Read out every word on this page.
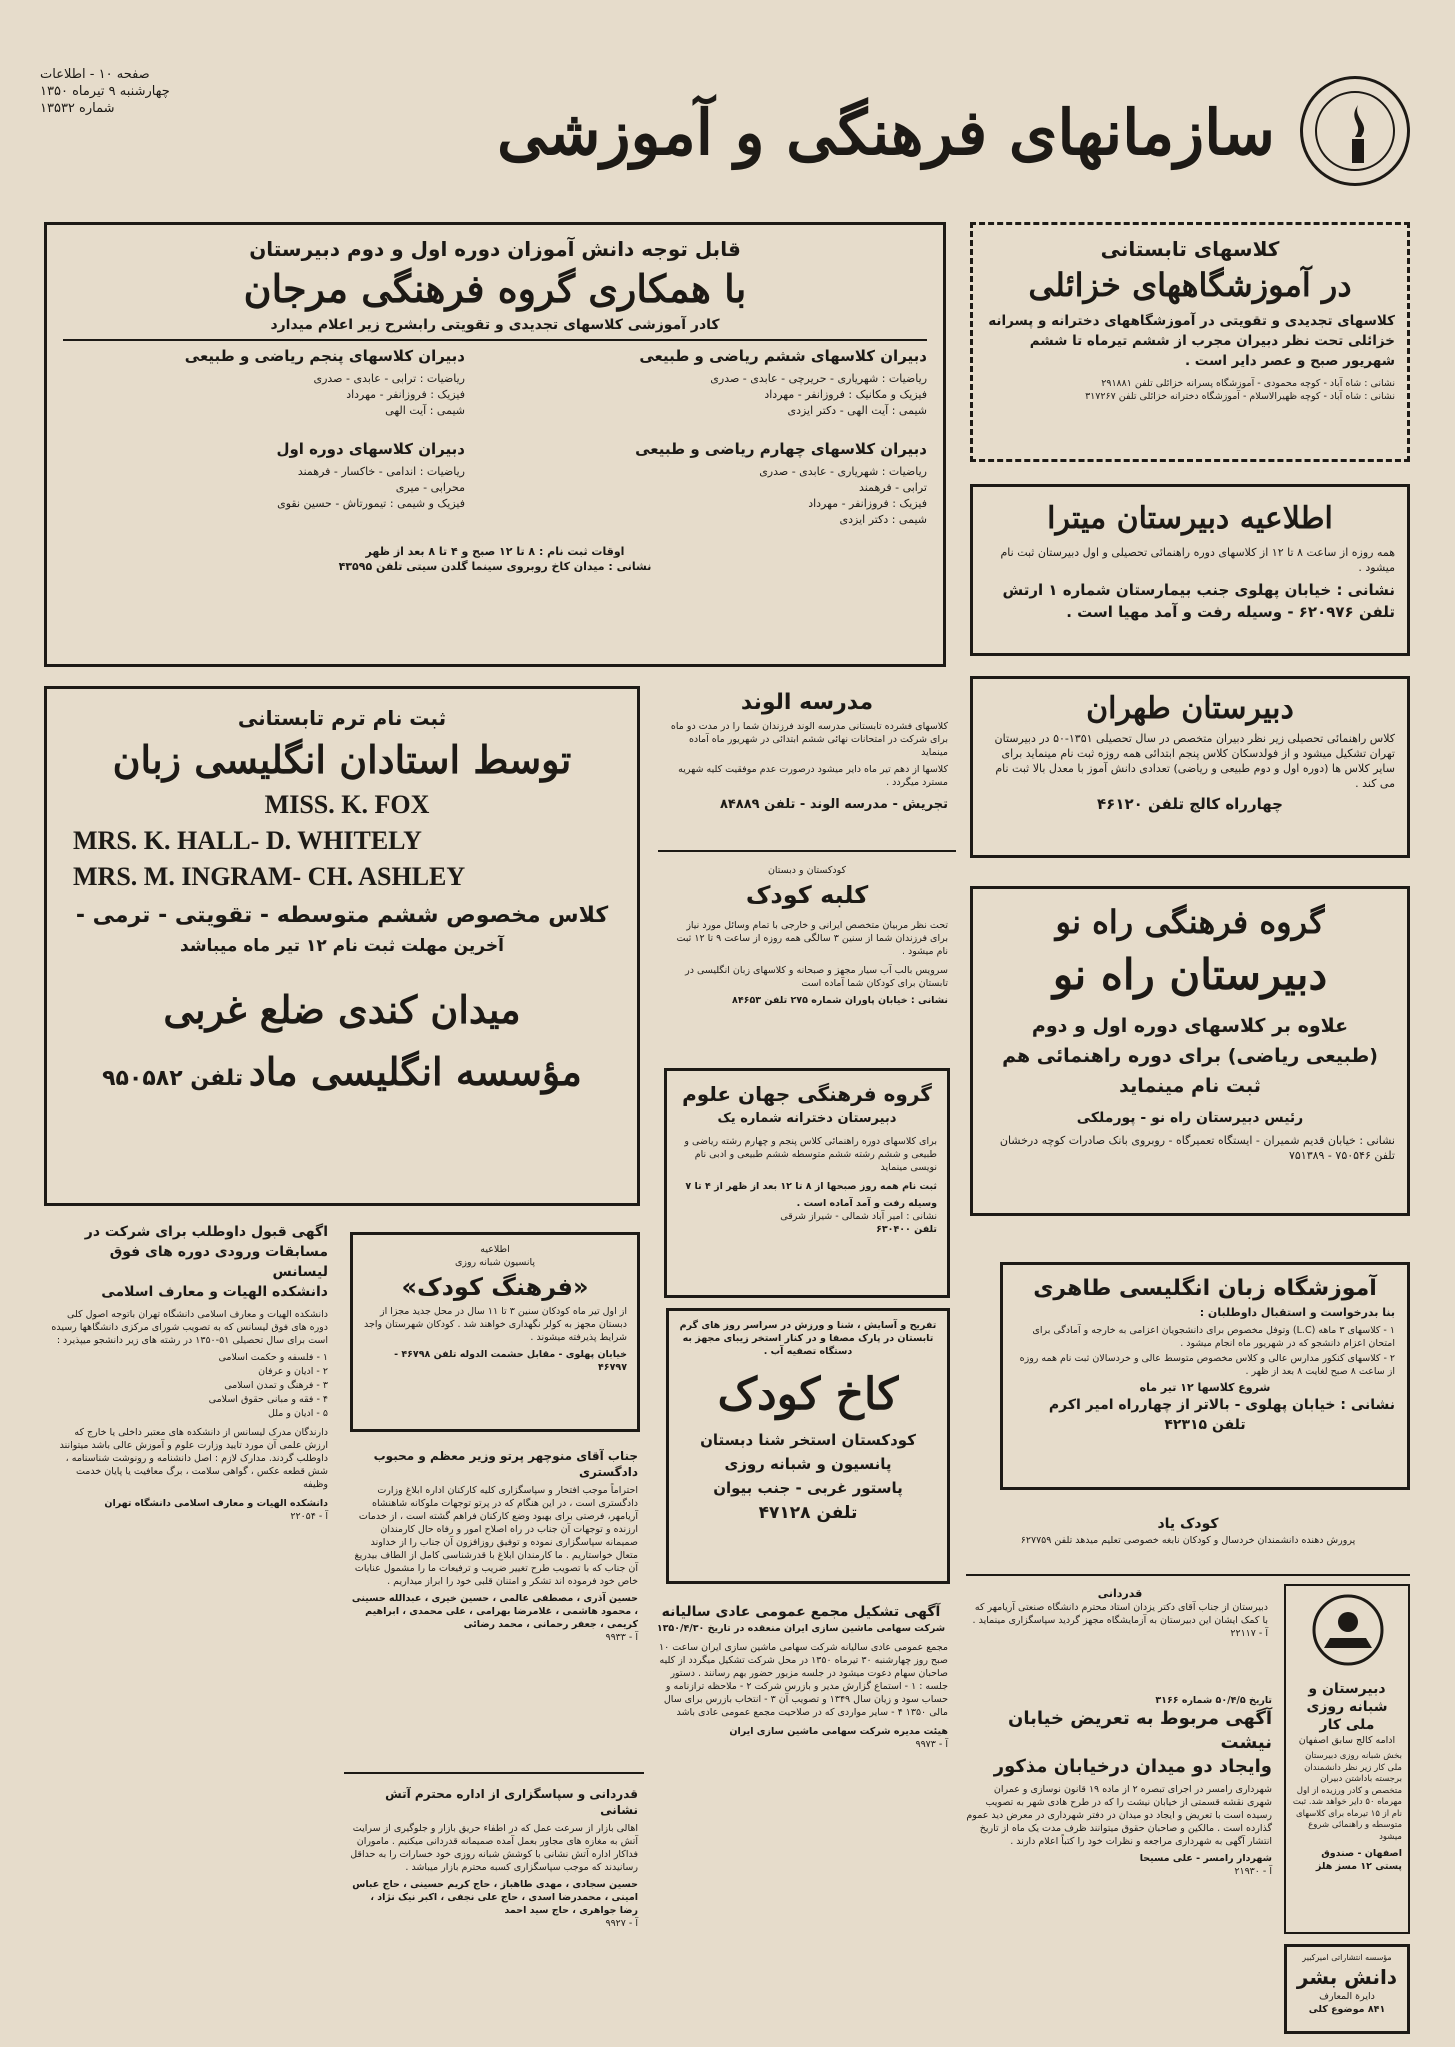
سازمانهای فرهنگی و آموزشی
صفحه ۱۰ - اطلاعات
چهارشنبه ۹ تیرماه ۱۳۵۰
شماره ۱۳۵۳۲
قابل توجه دانش آموزان دوره اول و دوم دبیرستان
با همکاری گروه فرهنگی مرجان
کادر آموزشی کلاسهای تجدیدی و تقویتی رابشرح زیر اعلام میدارد
دبیران کلاسهای ششم ریاضی و طبیعی
ریاضیات : شهریاری - حریرچی - عابدی - صدری
فیزیک و مکانیک : فروزانفر - مهرداد
شیمی : آیت الهی - دکتر ایزدی
دبیران کلاسهای چهارم ریاضی و طبیعی
ریاضیات : شهریاری - عابدی - صدری
ترابی - فرهمند
فیزیک : فروزانفر - مهرداد
شیمی : دکتر ایزدی
دبیران کلاسهای پنجم ریاضی و طبیعی
ریاضیات : ترابی - عابدی - صدری
فیزیک : فروزانفر - مهرداد
شیمی : آیت الهی
دبیران کلاسهای دوره اول
ریاضیات : اندامی - خاکسار - فرهمند
محرابی - میری
فیزیک و شیمی : تیمورتاش - حسین نقوی
اوقات ثبت نام : ۸ تا ۱۲ صبح و ۴ تا ۸ بعد از ظهر
نشانی : میدان کاخ روبروی سینما گلدن سیتی تلفن ۴۳۵۹۵
کلاسهای تابستانی
در آموزشگاههای خزائلی
کلاسهای تجدیدی و تقویتی در آموزشگاههای دخترانه و پسرانه خزائلی تحت نظر دبیران مجرب از ششم تیرماه تا ششم شهریور صبح و عصر دایر است .
نشانی : شاه آباد - کوچه محمودی - آموزشگاه پسرانه خزائلی تلفن ۲۹۱۸۸۱
نشانی : شاه آباد - کوچه ظهیرالاسلام - آموزشگاه دخترانه خزائلی تلفن ۳۱۷۲۶۷
اطلاعیه دبیرستان میترا
همه روزه از ساعت ۸ تا ۱۲ از کلاسهای دوره راهنمائی تحصیلی و اول دبیرستان ثبت نام میشود .
نشانی : خیابان پهلوی جنب بیمارستان شماره ۱ ارتش
تلفن ۶۲۰۹۷۶ - وسیله رفت و آمد مهیا است .
ثبت نام ترم تابستانی
توسط استادان انگلیسی زبان
MISS. K. FOX
MRS. K. HALL- D. WHITELY
MRS. M. INGRAM- CH. ASHLEY
کلاس مخصوص ششم متوسطه - تقویتی - ترمی -
آخرین مهلت ثبت نام ۱۲ تیر ماه میباشد
میدان کندی ضلع غربی
مؤسسه انگلیسی ماد تلفن ۹۵۰۵۸۲
مدرسه الوند
کلاسهای فشرده تابستانی مدرسه الوند فرزندان شما را در مدت دو ماه برای شرکت در امتحانات نهائی ششم ابتدائی در شهریور ماه آماده مینماید
کلاسها از دهم تیر ماه دایر میشود درصورت عدم موفقیت کلیه شهریه مسترد میگردد .
تجریش - مدرسه الوند - تلفن ۸۴۸۸۹
کودکستان و دبستان
کلبه کودک
تحت نظر مربیان متخصص ایرانی و خارجی با تمام وسائل مورد نیاز برای فرزندان شما از سنین ۳ سالگی همه روزه از ساعت ۹ تا ۱۲ ثبت نام میشود .
سرویس بالب آب سیار مجهز و صبحانه و کلاسهای زبان انگلیسی در تابستان برای کودکان شما آماده است
نشانی : خیابان پاوران شماره ۲۷۵ تلفن ۸۴۶۵۳
گروه فرهنگی جهان علوم
دبیرستان دخترانه شماره یک
برای کلاسهای دوره راهنمائی کلاس پنجم و چهارم رشته ریاضی و طبیعی و ششم رشته ششم متوسطه ششم طبیعی و ادبی نام نویسی مینماید
ثبت نام همه روز صبحها از ۸ تا ۱۲ بعد از ظهر از ۴ تا ۷
وسیله رفت و آمد آماده است .
نشانی : امیر آباد شمالی - شیراز شرقی
تلفن ۶۳۰۴۰۰
دبیرستان طهران
کلاس راهنمائی تحصیلی زیر نظر دبیران متخصص در سال تحصیلی ۱۳۵۱-۵۰ در دبیرستان تهران تشکیل میشود و از فولدسکان کلاس پنجم ابتدائی همه روزه ثبت نام مینماید برای سایر کلاس ها (دوره اول و دوم طبیعی و ریاضی) تعدادی دانش آموز با معدل بالا ثبت نام می کند .
چهارراه کالج تلفن ۴۶۱۲۰
گروه فرهنگی راه نو
دبیرستان راه نو
علاوه بر کلاسهای دوره اول و دوم
(طبیعی ریاضی) برای دوره راهنمائی هم
ثبت نام مینماید
رئیس دبیرستان راه نو - پورملکی
نشانی : خیابان قدیم شمیران - ایستگاه تعمیرگاه - روبروی بانک صادرات کوچه درخشان تلفن ۷۵۰۵۴۶ - ۷۵۱۳۸۹
آموزشگاه زبان انگلیسی طاهری
بنا بدرخواست و استقبال داوطلبان :
۱ - کلاسهای ۳ ماهه (L.C) وتوفل مخصوص برای دانشجویان اعزامی به خارجه و آمادگی برای امتحان اعزام دانشجو که در شهریور ماه انجام میشود .
۲ - کلاسهای کنکور مدارس عالی و کلاس مخصوص متوسط عالی و خردسالان ثبت نام همه روزه از ساعت ۸ صبح لغایت ۸ بعد از ظهر .
شروع کلاسها ۱۲ تیر ماه
نشانی : خیابان پهلوی - بالاتر از چهارراه امیر اکرم
تلفن ۴۲۳۱۵
کودک یاد
پرورش دهنده دانشمندان خردسال و کودکان نابغه خصوصی تعلیم میدهد تلفن ۶۲۷۷۵۹
دبیرستان و
شبانه روزی ملی کار
ادامه کالج سابق اصفهان
بخش شبانه روزی دبیرستان ملی کار زیر نظر دانشمندان برجسته باداشتن دبیران متخصص و کادر ورزیده از اول مهرماه ۵۰ دایر خواهد شد. ثبت نام از ۱۵ تیرماه برای کلاسهای متوسطه و راهنمائی شروع میشود
اصفهان - صندوق پستی ۱۲ مسز هلز
قدردانی
دبیرستان از جناب آقای دکتر یزدان استاد محترم دانشگاه صنعتی آریامهر که با کمک ایشان این دبیرستان به آزمایشگاه مجهز گردید سپاسگزاری مینماید .
آ - ۲۲۱۱۷
تاریخ ۵۰/۴/۵ شماره ۳۱۶۶
آگهی مربوط به تعریض خیابان نیشت
وایجاد دو میدان درخیابان مذکور
شهرداری رامسر در اجرای تبصره ۲ از ماده ۱۹ قانون نوسازی و عمران شهری نقشه قسمتی از خیابان نیشت را که در طرح هادی شهر به تصویب رسیده است با تعریض و ایجاد دو میدان در دفتر شهرداری در معرض دید عموم گذارده است . مالکین و صاحبان حقوق میتوانند ظرف مدت یک ماه از تاریخ انتشار آگهی به شهرداری مراجعه و نظرات خود را کتباً اعلام دارند .
شهردار رامسر - علی مسیحا
آ - ۲۱۹۳۰
مؤسسه انتشاراتی امیرکبیر
دانش بشر
دایرة المعارف
۸۴۱ موضوع کلی
تفریح و آسایش ، شنا و ورزش در سراسر روز های گرم تابستان در پارک مصفا و در کنار استخر زیبای مجهز به دستگاه تصفیه آب .
کاخ کودک
کودکستان استخر شنا دبستان
پانسیون و شبانه روزی
پاستور غربی - جنب بیوان
تلفن ۴۷۱۲۸
آگهی تشکیل مجمع عمومی عادی سالیانه
شرکت سهامی ماشین سازی ایران منعقده در تاریخ ۱۳۵۰/۴/۳۰
مجمع عمومی عادی سالیانه شرکت سهامی ماشین سازی ایران ساعت ۱۰ صبح روز چهارشنبه ۳۰ تیرماه ۱۳۵۰ در محل شرکت تشکیل میگردد از کلیه صاحبان سهام دعوت میشود در جلسه مزبور حضور بهم رسانند . دستور جلسه : ۱ - استماع گزارش مدیر و بازرس شرکت ۲ - ملاحظه ترازنامه و حساب سود و زیان سال ۱۳۴۹ و تصویب آن ۳ - انتخاب بازرس برای سال مالی ۱۳۵۰ ۴ - سایر مواردی که در صلاحیت مجمع عمومی عادی باشد
هیئت مدیره شرکت سهامی ماشین سازی ایران
آ - ۹۹۷۳
اطلاعیه
پانسیون شبانه روزی
«فرهنگ کودک»
از اول تیر ماه کودکان سنین ۳ تا ۱۱ سال در محل جدید مجزا از دبستان مجهز به کولر نگهداری خواهند شد . کودکان شهرستان واجد شرایط پذیرفته میشوند .
خیابان پهلوی - مقابل حشمت الدوله تلفن ۴۶۷۹۸ - ۴۶۷۹۷
جناب آقای منوچهر پرتو وزیر معظم و محبوب دادگستری
احتراماً موجب افتخار و سپاسگزاری کلیه کارکنان اداره ابلاغ وزارت دادگستری است ، در این هنگام که در پرتو توجهات ملوکانه شاهنشاه آریامهر، فرصتی برای بهبود وضع کارکنان فراهم گشته است ، از خدمات ارزنده و توجهات آن جناب در راه اصلاح امور و رفاه حال کارمندان صمیمانه سپاسگزاری نموده و توفیق روزافزون آن جناب را از خداوند متعال خواستاریم . ما کارمندان ابلاغ با قدرشناسی کامل از الطاف بیدریغ آن جناب که با تصویب طرح تغییر ضریب و ترفیعات ما را مشمول عنایات خاص خود فرموده اند تشکر و امتنان قلبی خود را ابراز میداریم .
حسین آذری ، مصطفی عالمی ، حسین خیری ، عبدالله حسینی ، محمود هاشمی ، غلامرضا بهرامی ، علی محمدی ، ابراهیم کریمی ، جعفر رحمانی ، محمد رضائی
آ - ۹۹۳۳
قدردانی و سپاسگزاری از اداره محترم آتش نشانی
اهالی بازار از سرعت عمل که در اطفاء حریق بازار و جلوگیری از سرایت آتش به مغازه های مجاور بعمل آمده صمیمانه قدردانی میکنیم . ماموران فداکار اداره آتش نشانی با کوشش شبانه روزی خود خسارات را به حداقل رسانیدند که موجب سپاسگزاری کسبه محترم بازار میباشد .
حسین سجادی ، مهدی طاهباز ، حاج کریم حسینی ، حاج عباس امینی ، محمدرضا اسدی ، حاج علی نجفی ، اکبر نیک نژاد ، رضا جواهری ، حاج سید احمد
آ - ۹۹۲۷
اگهی قبول داوطلب برای شرکت در
مسابقات ورودی دوره های فوق لیسانس
دانشکده الهیات و معارف اسلامی
دانشکده الهیات و معارف اسلامی دانشگاه تهران باتوجه اصول کلی دوره های فوق لیسانس که به تصویب شورای مرکزی دانشگاهها رسیده است برای سال تحصیلی ۵۱-۱۳۵۰ در رشته های زیر دانشجو میپذیرد :
۱ - فلسفه و حکمت اسلامی
۲ - ادیان و عرفان
۳ - فرهنگ و تمدن اسلامی
۴ - فقه و مبانی حقوق اسلامی
۵ - ادیان و ملل
دارندگان مدرک لیسانس از دانشکده های معتبر داخلی یا خارج که ارزش علمی آن مورد تایید وزارت علوم و آموزش عالی باشد میتوانند داوطلب گردند. مدارک لازم : اصل دانشنامه و رونوشت شناسنامه ، شش قطعه عکس ، گواهی سلامت ، برگ معافیت یا پایان خدمت وظیفه
دانشکده الهیات و معارف اسلامی دانشگاه تهران
آ - ۲۲۰۵۴
